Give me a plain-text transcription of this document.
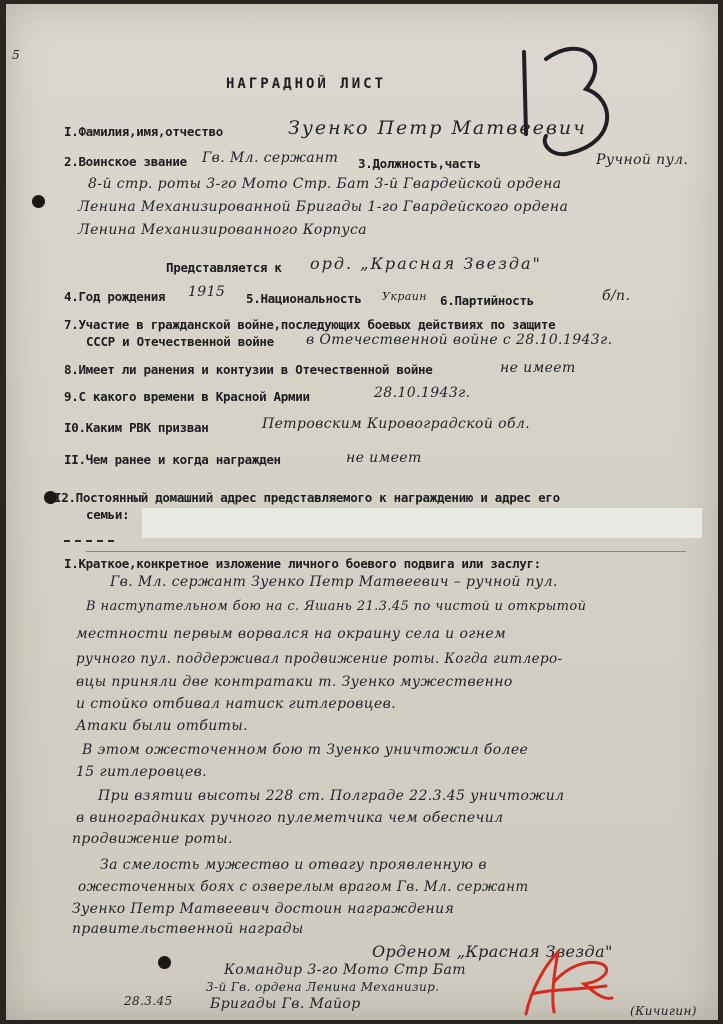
5
НАГРАДНОЙ ЛИСТ
I.Фамилия,имя,отчество	Зуенко Петр Матвеевич
2.Воинское звание Гв. Мл. сержант 3.Должность,часть	Ручной пул.
8-й стр. роты 3-го Мото Стр. Бат 3-й Гвардейской ордена
Ленина Механизированной Бригады 1-го Гвардейского ордена
Ленина Механизированного Корпуса
Представляется к орд. „Красная Звезда"
4.Год рождения 1915 5.Национальность Украин 6.Партийность	б/п.
7.Участие в гражданской войне,последующих боевых действиях по защите
СССР и Отечественной войне в Отечественной войне с 28.10.1943г.
8.Имеет ли ранения и контузии в Отечественной войне	не имеет
9.С какого времени в Красной Армии	28.10.1943г.
I0.Каким РВК призван	Петровским Кировоградской обл.
II.Чем ранее и когда награжден	не имеет
I2.Постоянный домашний адрес представляемого к награждению и адрес его
семьи:
I.Краткое,конкретное изложение личного боевого подвига или заслуг:
Гв. Мл. сержант Зуенко Петр Матвеевич – ручной пул.
В наступательном бою на с. Яшань 21.3.45 по чистой и открытой
местности первым ворвался на окраину села и огнем
ручного пул. поддерживал продвижение роты. Когда гитлеро-
вцы приняли две контратаки т. Зуенко мужественно
и стойко отбивал натиск гитлеровцев.
Атаки были отбиты.
В этом ожесточенном бою т Зуенко уничтожил более
15 гитлеровцев.
При взятии высоты 228 ст. Полграде 22.3.45 уничтожил
в виноградниках ручного пулеметчика чем обеспечил
продвижение роты.
За смелость мужество и отвагу проявленную в
ожесточенных боях с озверелым врагом Гв. Мл. сержант
Зуенко Петр Матвеевич достоин награждения
правительственной награды
Орденом „Красная Звезда"
Командир 3-го Мото Стр Бат
3-й Гв. ордена Ленина Механизир.
28.3.45	Бригады Гв. Майор	(Кичигин)
